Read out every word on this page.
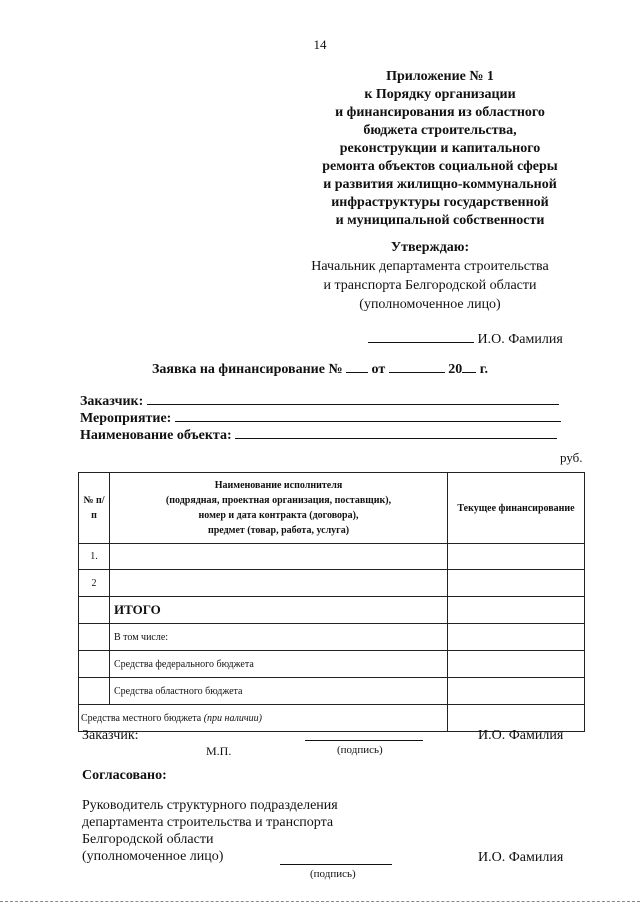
14
Приложение № 1
к Порядку организации
и финансирования из областного
бюджета строительства,
реконструкции и капитального
ремонта объектов социальной сферы
и развития жилищно-коммунальной
инфраструктуры государственной
и муниципальной собственности
Утверждаю:
Начальник департамента строительства
и транспорта Белгородской области
(уполномоченное лицо)
И.О. Фамилия
Заявка на финансирование № от	20 г.
Заказчик:
Мероприятие:
Наименование объекта:
руб.
№ п/п	Наименование исполнителя
(подрядная, проектная организация, поставщик),
номер и дата контракта (договора),
предмет (товар, работа, услуга)	Текущее финансирование
1.		
2		
	ИТОГО	
	В том числе:	
	Средства федерального бюджета	
	Средства областного бюджета	
Средства местного бюджета (при наличии)		
Заказчик:	И.О. Фамилия
М.П.	(подпись)
Согласовано:
Руководитель структурного подразделения
департамента строительства и транспорта
Белгородской области
(уполномоченное лицо)	И.О. Фамилия
(подпись)
